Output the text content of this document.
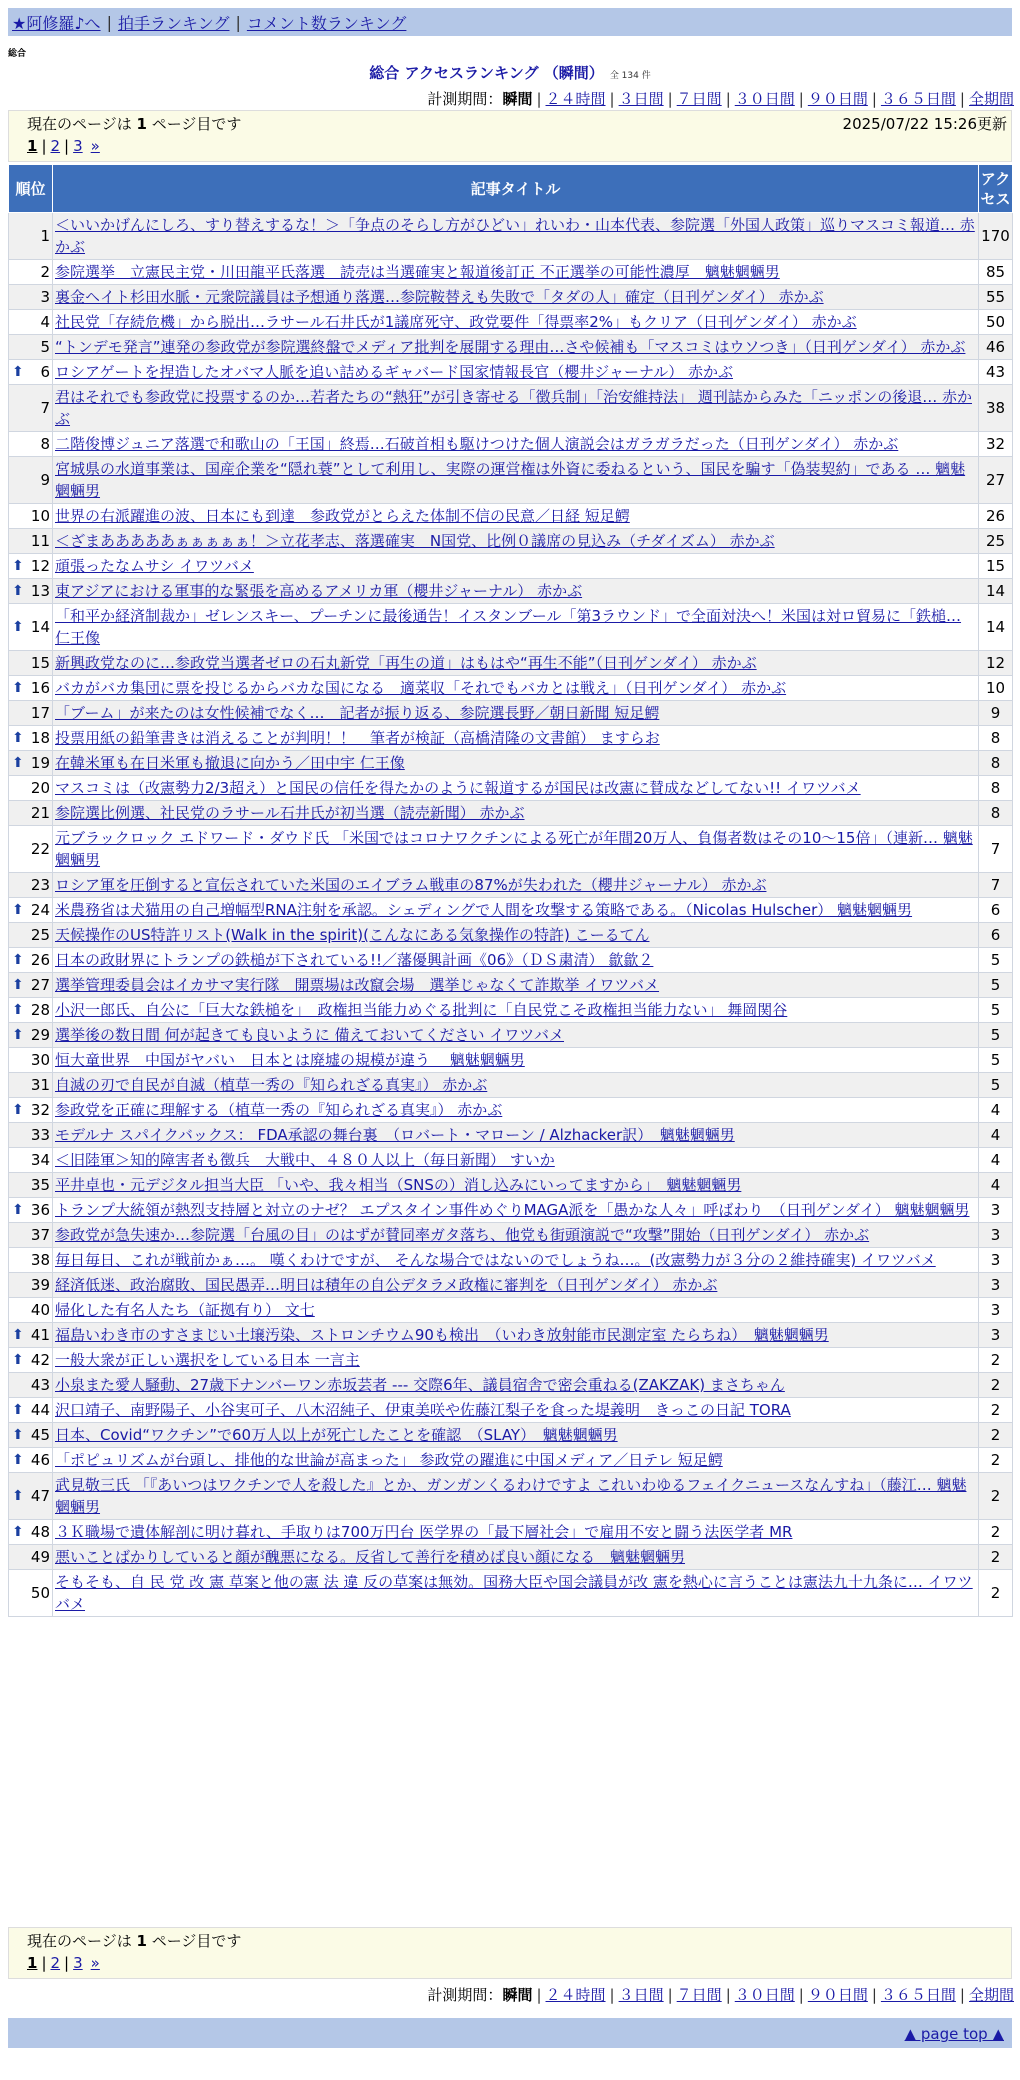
★阿修羅♪へ | 拍手ランキング | コメント数ランキング
総合
総合 アクセスランキング （瞬間） 全 134 件
計測期間：瞬間 | ２４時間 | ３日間 | ７日間 | ３０日間 | ９０日間 | ３６５日間 | 全期間
現在のページは 1 ページ目です	2025/07/22 15:26更新
1 | 2 | 3 »
順位	記事タイトル	アクセス
1	＜いいかげんにしろ、すり替えするな！＞「争点のそらし方がひどい」れいわ・山本代表、参院選「外国人政策」巡りマスコミ報道… 赤かぶ	170
2	参院選挙　立憲民主党・川田龍平氏落選　読売は当選確実と報道後訂正 不正選挙の可能性濃厚　魑魅魍魎男	85
3	裏金ヘイト杉田水脈・元衆院議員は予想通り落選…参院鞍替えも失敗で「タダの人」確定（日刊ゲンダイ） 赤かぶ	55
4	社民党「存続危機」から脱出…ラサール石井氏が1議席死守、政党要件「得票率2%」もクリア（日刊ゲンダイ） 赤かぶ	50
5	“トンデモ発言”連発の参政党が参院選終盤でメディア批判を展開する理由…さや候補も「マスコミはウソつき」（日刊ゲンダイ） 赤かぶ	46

⬆ 6	ロシアゲートを捏造したオバマ人脈を追い詰めるギャバード国家情報長官（櫻井ジャーナル） 赤かぶ	43
7	君はそれでも参政党に投票するのか…若者たちの“熱狂”が引き寄せる「徴兵制」「治安維持法」 週刊誌からみた「ニッポンの後退… 赤かぶ	38
8	二階俊博ジュニア落選で和歌山の「王国」終焉…石破首相も駆けつけた個人演説会はガラガラだった（日刊ゲンダイ） 赤かぶ	32
9	宮城県の水道事業は、国産企業を“隠れ蓑”として利用し、実際の運営権は外資に委ねるという、国民を騙す「偽装契約」である … 魑魅魍魎男	27
10	世界の右派躍進の波、日本にも到達　参政党がとらえた体制不信の民意／日経 短足鰐	26
11	＜ざまあああああぁぁぁぁぁ！＞立花孝志、落選確実　N国党、比例０議席の見込み（チダイズム） 赤かぶ	25

⬆ 12	頑張ったなムサシ イワツバメ	15

⬆ 13	東アジアにおける軍事的な緊張を高めるアメリカ軍（櫻井ジャーナル） 赤かぶ	14

⬆ 14	「和平か経済制裁か」ゼレンスキー、プーチンに最後通告！イスタンブール「第3ラウンド」で全面対決へ！米国は対ロ貿易に「鉄槌… 仁王像	14
15	新興政党なのに…参政党当選者ゼロの石丸新党「再生の道」はもはや“再生不能”（日刊ゲンダイ） 赤かぶ	12

⬆ 16	バカがバカ集団に票を投じるからバカな国になる　適菜収「それでもバカとは戦え」（日刊ゲンダイ） 赤かぶ	10
17	「ブーム」が来たのは女性候補でなく…　記者が振り返る、参院選長野／朝日新聞 短足鰐	9

⬆ 18	投票用紙の鉛筆書きは消えることが判明！！　筆者が検証（高橋清隆の文書館） ますらお	8

⬆ 19	在韓米軍も在日米軍も撤退に向かう／田中宇 仁王像	8
20	マスコミは（改憲勢力2/3超え）と国民の信任を得たかのように報道するが国民は改憲に賛成などしてない!! イワツバメ	8
21	参院選比例選、社民党のラサール石井氏が初当選（読売新聞） 赤かぶ	8
22	元ブラックロック エドワード・ダウド氏 「米国ではコロナワクチンによる死亡が年間20万人、負傷者数はその10～15倍」（連新… 魑魅魍魎男	7
23	ロシア軍を圧倒すると宣伝されていた米国のエイブラム戦車の87%が失われた（櫻井ジャーナル） 赤かぶ	7

⬆ 24	米農務省は犬猫用の自己増幅型RNA注射を承認。シェディングで人間を攻撃する策略である。（Nicolas Hulscher） 魑魅魍魎男	6
25	天候操作のUS特許リスト(Walk in the spirit)(こんなにある気象操作の特許) こーるてん	6

⬆ 26	日本の政財界にトランプの鉄槌が下されている!!／藩優興計画《06》（ＤＳ粛清） 歙歙２	5

⬆ 27	選挙管理委員会はイカサマ実行隊　開票場は改竄会場　選挙じゃなくて詐欺挙 イワツバメ	5

⬆ 28	小沢一郎氏、自公に「巨大な鉄槌を」　政権担当能力めぐる批判に「自民党こそ政権担当能力ない」 舞岡関谷	5

⬆ 29	選挙後の数日間 何が起きても良いように 備えておいてください イワツバメ	5
30	恒大童世界　中国がヤバい　日本とは廃墟の規模が違う　 魑魅魍魎男	5
31	自滅の刃で自民が自滅（植草一秀の『知られざる真実』） 赤かぶ	5

⬆ 32	参政党を正確に理解する（植草一秀の『知られざる真実』） 赤かぶ	4
33	モデルナ スパイクバックス： FDA承認の舞台裏　（ロバート・マローン / Alzhacker訳）　魑魅魍魎男	4
34	＜旧陸軍＞知的障害者も徴兵　大戦中、４８０人以上（毎日新聞） すいか	4
35	平井卓也・元デジタル担当大臣 「いや、我々相当（SNSの）消し込みにいってますから」　魑魅魍魎男	4

⬆ 36	トランプ大統領が熱烈支持層と対立のナゼ？ エプスタイン事件めぐりMAGA派を「愚かな人々」呼ばわり　（日刊ゲンダイ） 魑魅魍魎男	3
37	参政党が急失速か…参院選「台風の目」のはずが賛同率ガタ落ち、他党も街頭演説で“攻撃”開始（日刊ゲンダイ） 赤かぶ	3
38	毎日毎日、これが戦前かぁ…。 嘆くわけですが、 そんな場合ではないのでしょうね…。(改憲勢力が３分の２維持確実) イワツバメ	3
39	経済低迷、政治腐敗、国民愚弄…明日は積年の自公デタラメ政権に審判を（日刊ゲンダイ） 赤かぶ	3
40	帰化した有名人たち（証拠有り） 文七	3

⬆ 41	福島いわき市のすさまじい土壌汚染、ストロンチウム90も検出　（いわき放射能市民測定室 たらちね）　魑魅魍魎男	3

⬆ 42	一般大衆が正しい選択をしている日本 一言主	2
43	小泉また愛人騒動、27歳下ナンバーワン赤坂芸者 --- 交際6年、議員宿舎で密会重ねる(ZAKZAK) まさちゃん	2

⬆ 44	沢口靖子、南野陽子、小谷実可子、八木沼純子、伊東美咲や佐藤江梨子を食った堤義明　きっこの日記 TORA	2

⬆ 45	日本、Covid“ワクチン”で60万人以上が死亡したことを確認　（SLAY）　魑魅魍魎男	2

⬆ 46	「ポピュリズムが台頭し、排他的な世論が高まった」 参政党の躍進に中国メディア／日テレ 短足鰐	2

⬆ 47	武見敬三氏 「『あいつはワクチンで人を殺した』とか、ガンガンくるわけですよ これいわゆるフェイクニュースなんすね」（藤江… 魑魅魍魎男	2

⬆ 48	３Ｋ職場で遺体解剖に明け暮れ、手取りは700万円台 医学界の「最下層社会」で雇用不安と闘う法医学者 MR	2
49	悪いことばかりしていると顔が醜悪になる。反省して善行を積めば良い顔になる　魑魅魍魎男	2
50	そもそも、自 民 党 改 憲 草案と他の憲 法 違 反の草案は無効。国務大臣や国会議員が改 憲を熱心に言うことは憲法九十九条に… イワツバメ	2
現在のページは 1 ページ目です
1 | 2 | 3 »
計測期間：瞬間 | ２４時間 | ３日間 | ７日間 | ３０日間 | ９０日間 | ３６５日間 | 全期間
▲ page top ▲
